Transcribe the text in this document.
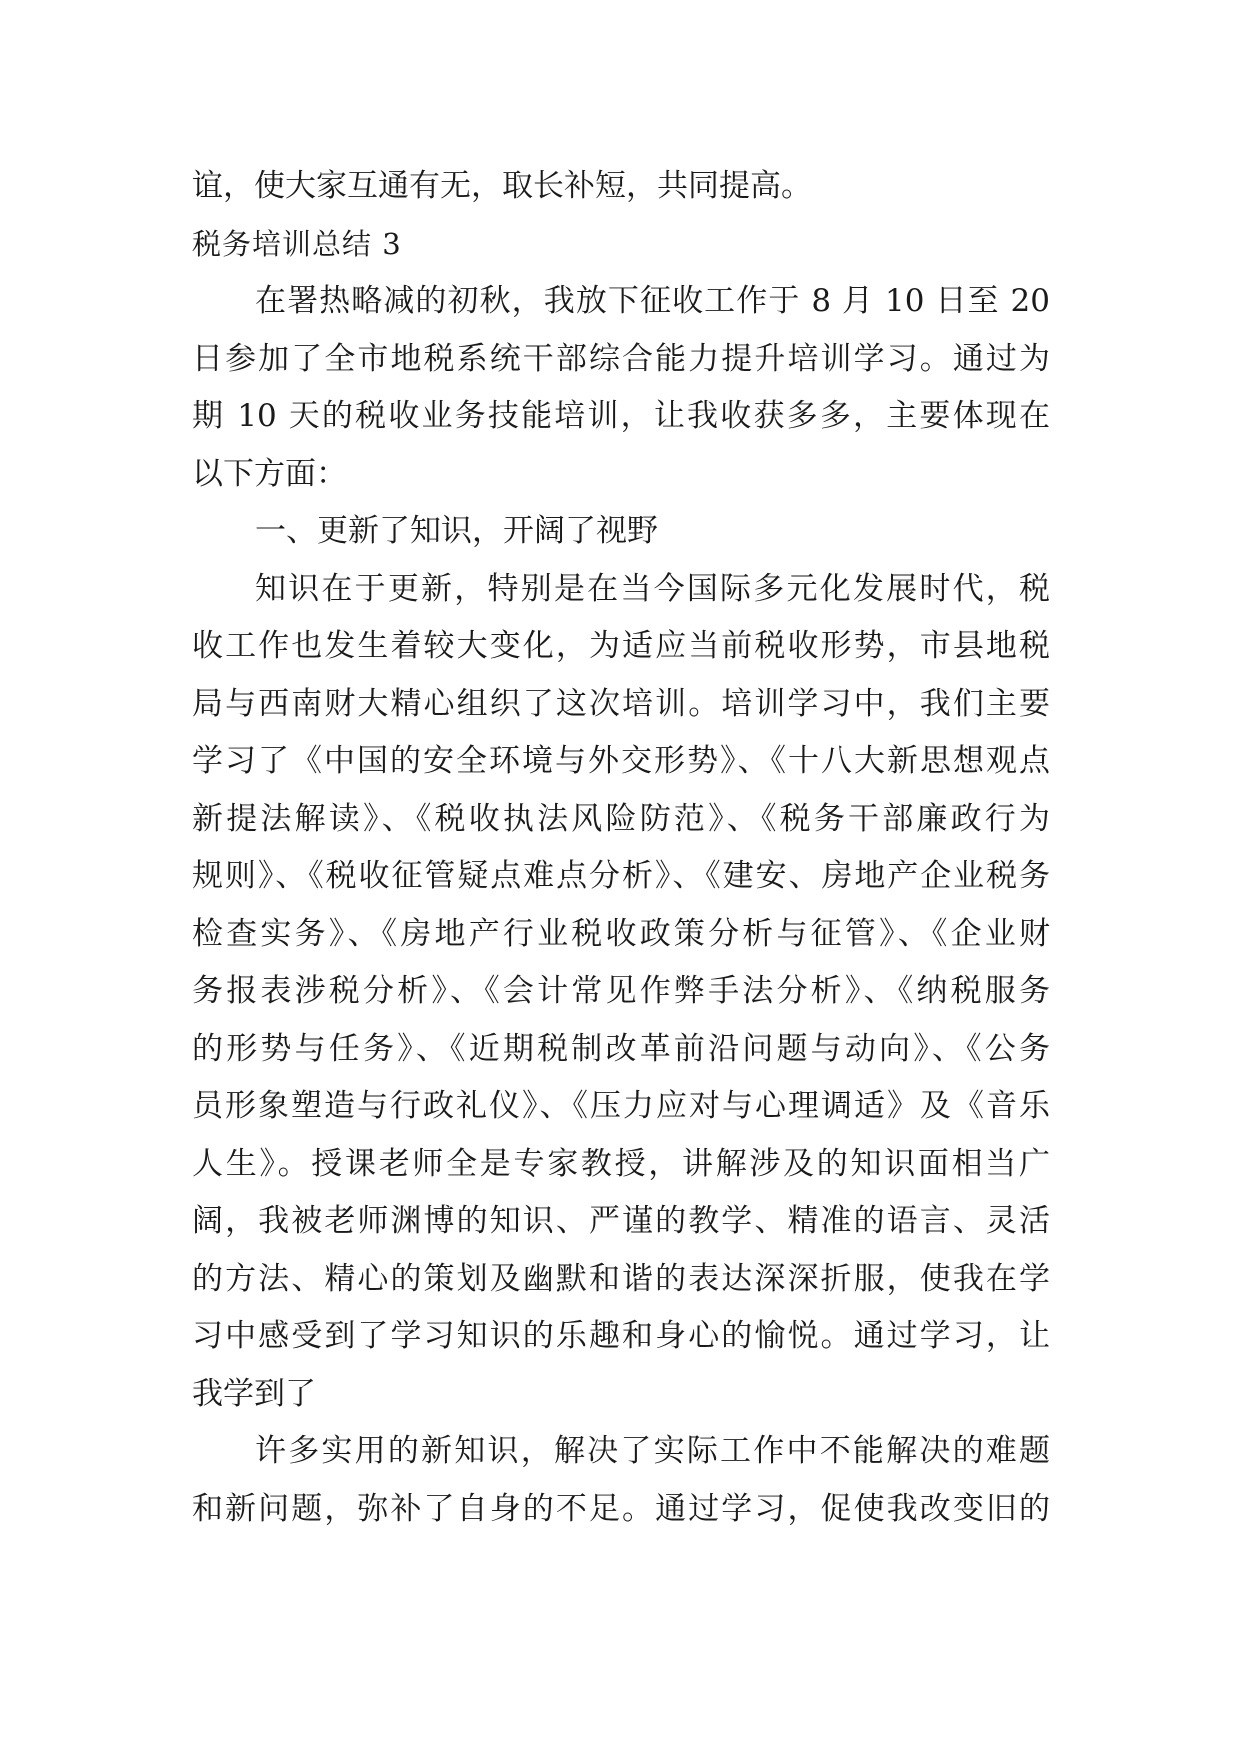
谊，使大家互通有无，取长补短，共同提高。
税务培训总结 3
在署热略减的初秋，我放下征收工作于 8 月 10 日至 20
日参加了全市地税系统干部综合能力提升培训学习。通过为
期 10 天的税收业务技能培训，让我收获多多，主要体现在
以下方面：
一、更新了知识，开阔了视野
知识在于更新，特别是在当今国际多元化发展时代，税
收工作也发生着较大变化，为适应当前税收形势，市县地税
局与西南财大精心组织了这次培训。培训学习中，我们主要
学习了《中国的安全环境与外交形势》、《十八大新思想观点
新提法解读》、《税收执法风险防范》、《税务干部廉政行为
规则》、《税收征管疑点难点分析》、《建安、房地产企业税务
检查实务》、《房地产行业税收政策分析与征管》、《企业财
务报表涉税分析》、《会计常见作弊手法分析》、《纳税服务
的形势与任务》、《近期税制改革前沿问题与动向》、《公务
员形象塑造与行政礼仪》、《压力应对与心理调适》及《音乐
人生》。授课老师全是专家教授，讲解涉及的知识面相当广
阔，我被老师渊博的知识、严谨的教学、精准的语言、灵活
的方法、精心的策划及幽默和谐的表达深深折服，使我在学
习中感受到了学习知识的乐趣和身心的愉悦。通过学习，让
我学到了
许多实用的新知识，解决了实际工作中不能解决的难题
和新问题，弥补了自身的不足。通过学习，促使我改变旧的
